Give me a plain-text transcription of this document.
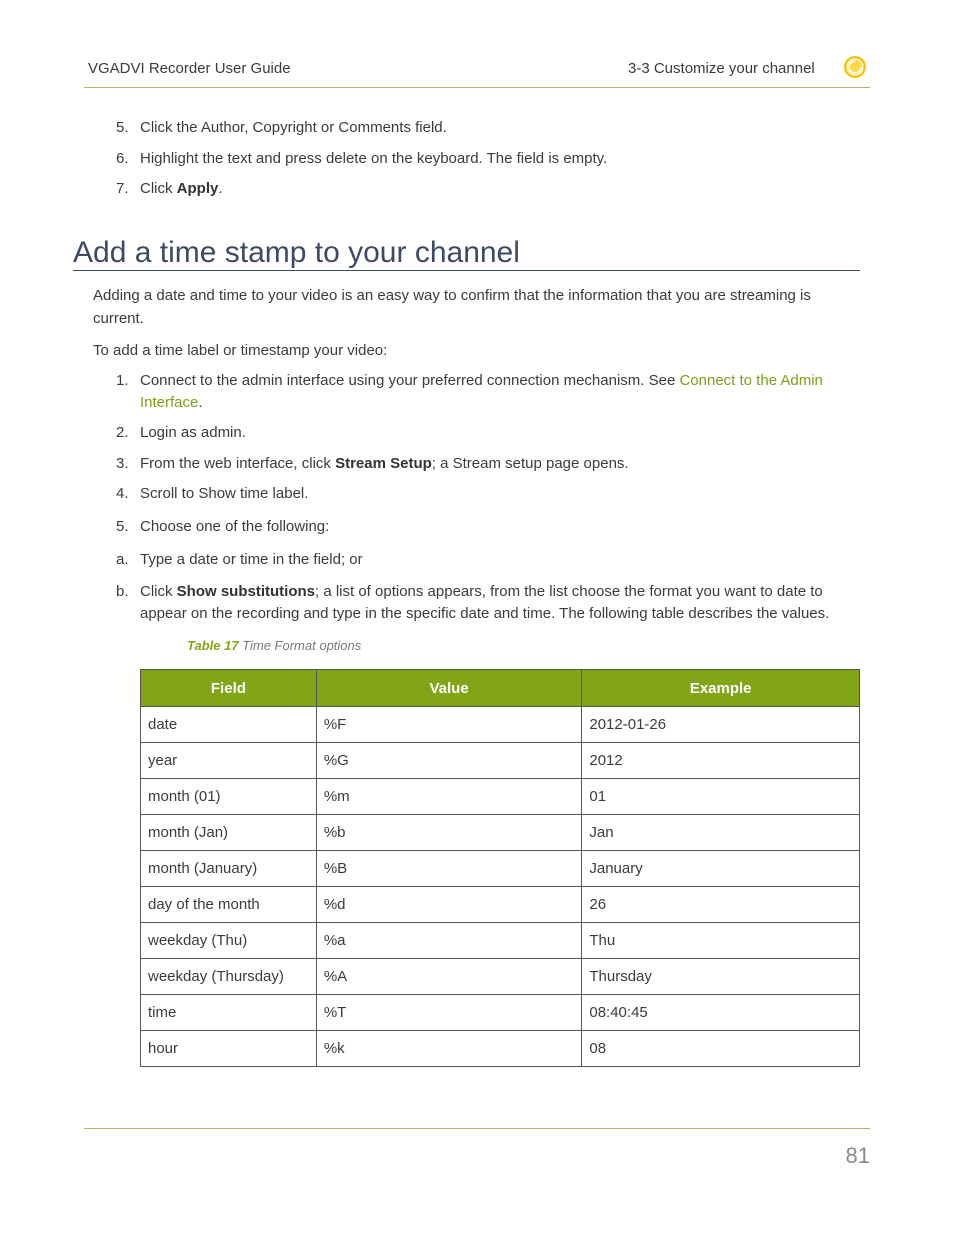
VGADVI Recorder User Guide	3-3 Customize your channel
5. Click the Author, Copyright or Comments field.
6. Highlight the text and press delete on the keyboard. The field is empty.
7. Click Apply.
Add a time stamp to your channel
Adding a date and time to your video is an easy way to confirm that the information that you are streaming is current.
To add a time label or timestamp your video:
1. Connect to the admin interface using your preferred connection mechanism. See Connect to the Admin Interface.
2. Login as admin.
3. From the web interface, click Stream Setup; a Stream setup page opens.
4. Scroll to Show time label.
5. Choose one of the following:
a. Type a date or time in the field; or
b. Click Show substitutions; a list of options appears, from the list choose the format you want to date to appear on the recording and type in the specific date and time. The following table describes the values.
Table 17 Time Format options
Field	Value	Example
date	%F	2012-01-26
year	%G	2012
month (01)	%m	01
month (Jan)	%b	Jan
month (January)	%B	January
day of the month	%d	26
weekday (Thu)	%a	Thu
weekday (Thursday)	%A	Thursday
time	%T	08:40:45
hour	%k	08
81
